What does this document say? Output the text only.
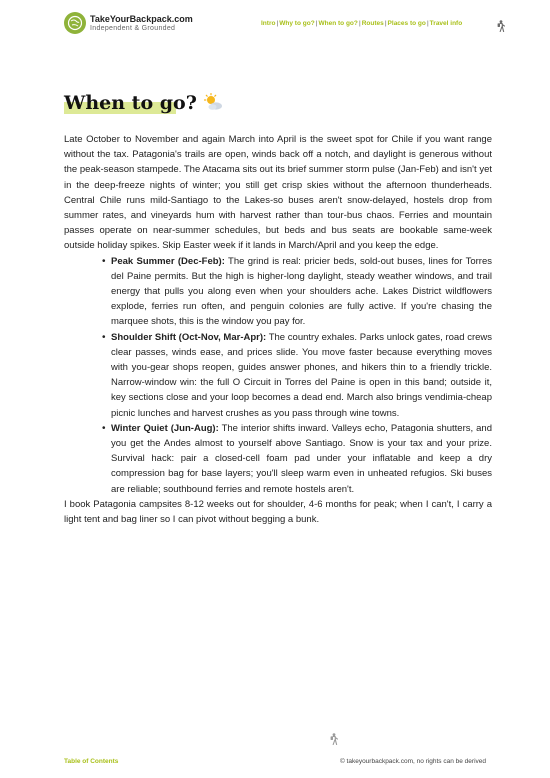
TakeYourBackpack.com
Independent & Grounded
Intro|Why to go?|When to go?|Routes|Places to go|Travel info
When to go?

Late October to November and again March into April is the sweet spot for Chile if you want range without the tax. Patagonia's trails are open, winds back off a notch, and daylight is generous without the peak-season stampede. The Atacama sits out its brief summer storm pulse (Jan-Feb) and isn't yet in the deep-freeze nights of winter; you still get crisp skies without the afternoon thunderheads. Central Chile runs mild-Santiago to the Lakes-so buses aren't snow-delayed, hostels drop from summer rates, and vineyards hum with harvest rather than tour-bus chaos. Ferries and mountain passes operate on near-summer schedules, but beds and bus seats are bookable same-week outside holiday spikes. Skip Easter week if it lands in March/April and you keep the edge.

• Peak Summer (Dec-Feb): The grind is real: pricier beds, sold-out buses, lines for Torres del Paine permits. But the high is higher-long daylight, steady weather windows, and trail energy that pulls you along even when your shoulders ache. Lakes District wildflowers explode, ferries run often, and penguin colonies are fully active. If you're chasing the marquee shots, this is the window you pay for.
• Shoulder Shift (Oct-Nov, Mar-Apr): The country exhales. Parks unlock gates, road crews clear passes, winds ease, and prices slide. You move faster because everything moves with you-gear shops reopen, guides answer phones, and hikers thin to a friendly trickle. Narrow-window win: the full O Circuit in Torres del Paine is open in this band; outside it, key sections close and your loop becomes a dead end. March also brings vendimia-cheap picnic lunches and harvest crushes as you pass through wine towns.
• Winter Quiet (Jun-Aug): The interior shifts inward. Valleys echo, Patagonia shutters, and you get the Andes almost to yourself above Santiago. Snow is your tax and your prize. Survival hack: pair a closed-cell foam pad under your inflatable and keep a dry compression bag for base layers; you'll sleep warm even in unheated refugios. Ski buses are reliable; southbound ferries and remote hostels aren't.

I book Patagonia campsites 8-12 weeks out for shoulder, 4-6 months for peak; when I can't, I carry a light tent and bag liner so I can pivot without begging a bunk.

Table of Contents	© takeyourbackpack.com, no rights can be derived
